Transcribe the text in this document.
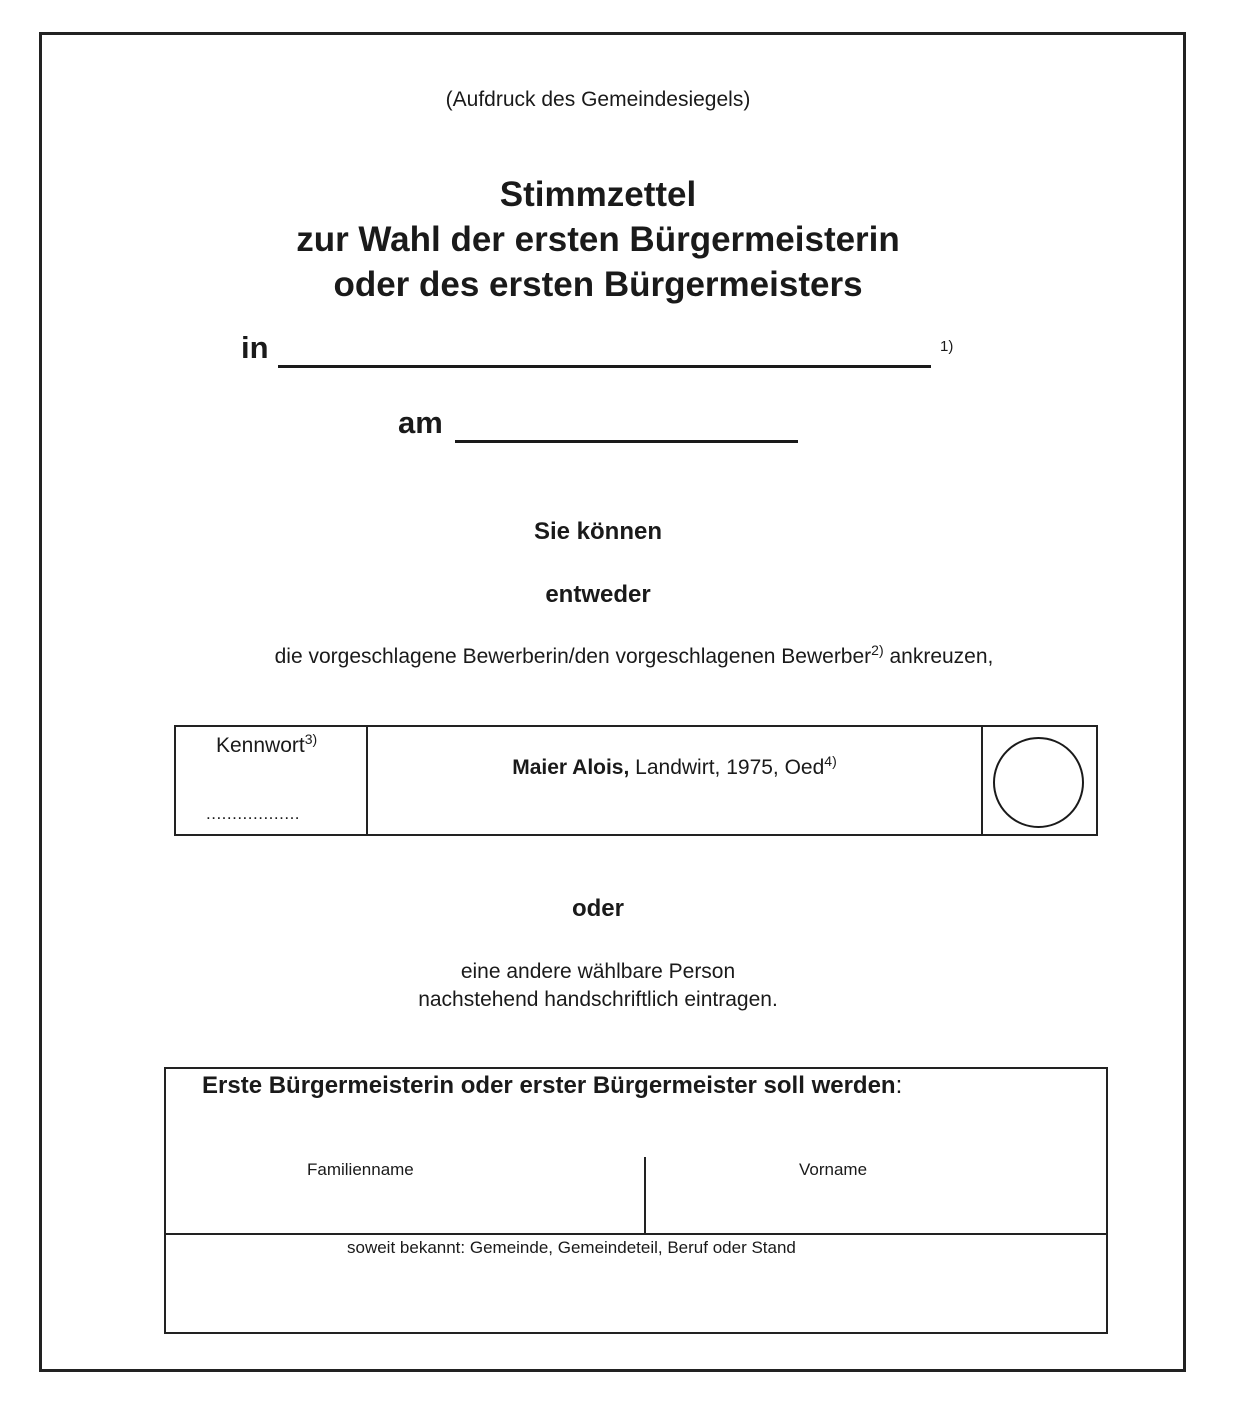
(Aufdruck des Gemeindesiegels)
Stimmzettel
zur Wahl der ersten Bürgermeisterin
oder des ersten Bürgermeisters
in	1)
am
Sie können
entweder
die vorgeschlagene Bewerberin/den vorgeschlagenen Bewerber$^{2)}$ ankreuzen,
Kennwort$^{3)}$
..................
Maier Alois, Landwirt, 1975, Oed$^{4)}$
oder
eine andere wählbare Person
nachstehend handschriftlich eintragen.
Erste Bürgermeisterin oder erster Bürgermeister soll werden:
Familienname	Vorname
soweit bekannt: Gemeinde, Gemeindeteil, Beruf oder Stand
